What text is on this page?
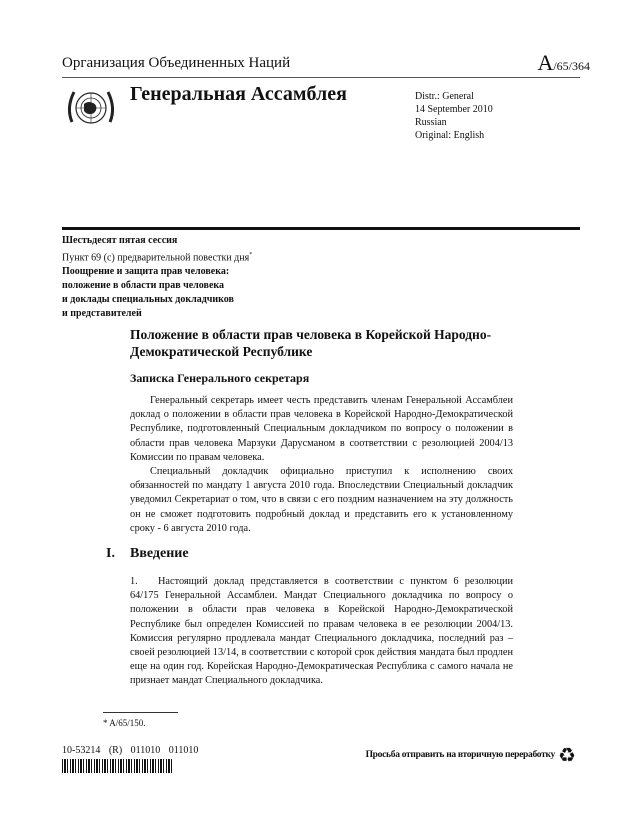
Организация Объединенных Наций	A/65/364
Генеральная Ассамблея	Distr.: General
14 September 2010
Russian
Original: English
Шестьдесят пятая сессия
Пункт 69 (c) предварительной повестки дня*
Поощрение и защита прав человека:
положение в области прав человека
и доклады специальных докладчиков
и представителей
Положение в области прав человека в Корейской Народно-Демократической Республике
Записка Генерального секретаря
Генеральный секретарь имеет честь представить членам Генеральной Ассамблеи доклад о положении в области прав человека в Корейской Народно-Демократической Республике, подготовленный Специальным докладчиком по вопросу о положении в области прав человека Марзуки Дарусманом в соответствии с резолюцией 2004/13 Комиссии по правам человека.
Специальный докладчик официально приступил к исполнению своих обязанностей по мандату 1 августа 2010 года. Впоследствии Специальный докладчик уведомил Секретариат о том, что в связи с его поздним назначением на эту должность он не сможет подготовить подробный доклад и представить его к установленному сроку - 6 августа 2010 года.
I. Введение
1. Настоящий доклад представляется в соответствии с пунктом 6 резолюции 64/175 Генеральной Ассамблеи. Мандат Специального докладчика по вопросу о положении в области прав человека в Корейской Народно-Демократической Республике был определен Комиссией по правам человека в ее резолюции 2004/13. Комиссия регулярно продлевала мандат Специального докладчика, последний раз – своей резолюцией 13/14, в соответствии с которой срок действия мандата был продлен еще на один год. Корейская Народно-Демократическая Республика с самого начала не признает мандат Специального докладчика.
* A/65/150.
10-53214 (R) 011010 011010	Просьба отправить на вторичную переработку ♻
